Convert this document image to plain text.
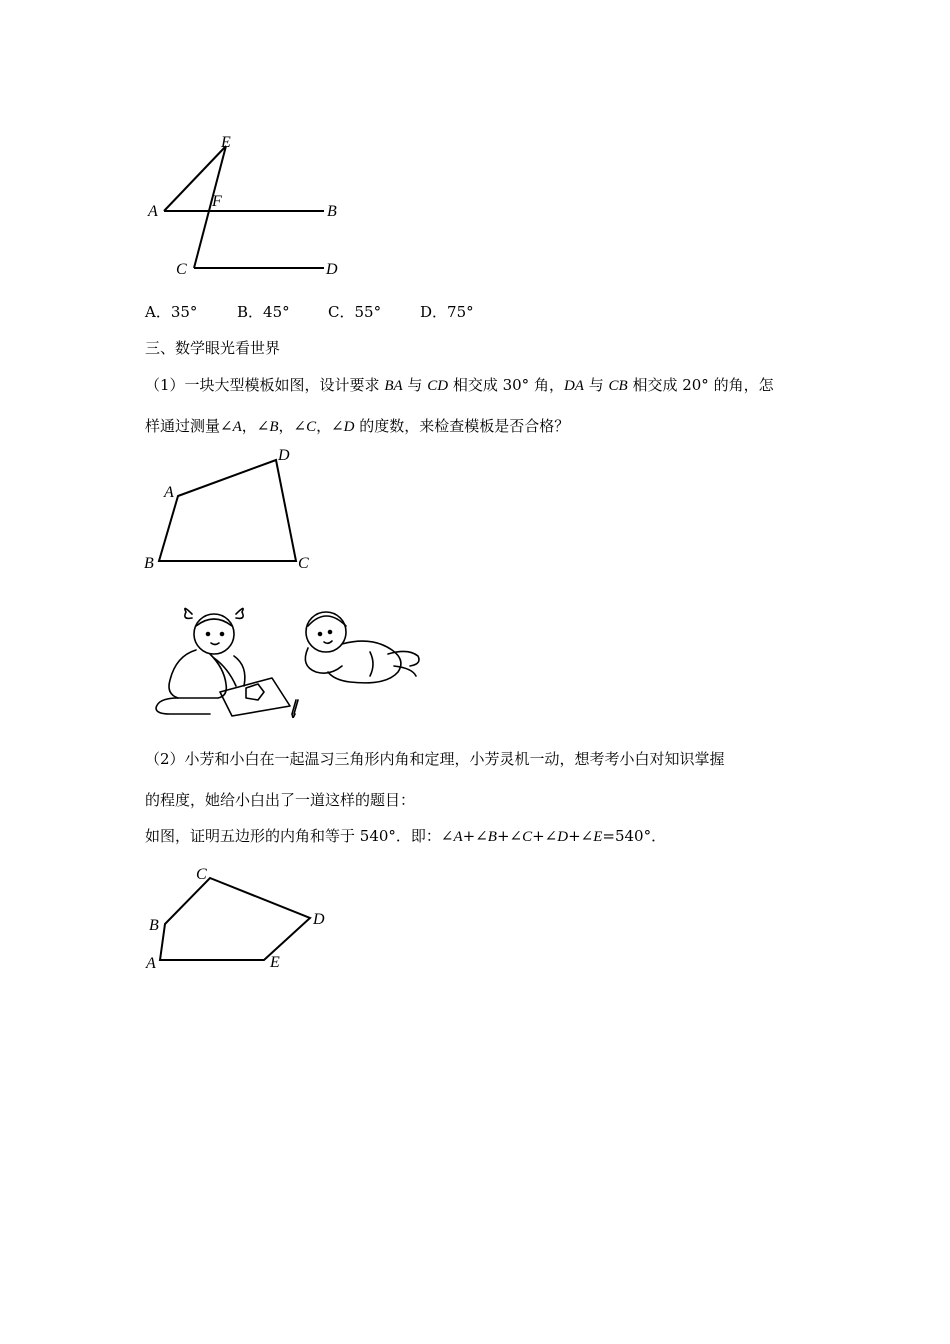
E
A
F
B
C	D
A．35°	B．45°	C．55°	D．75°
三、数学眼光看世界
（1）一块大型模板如图，设计要求 BA 与 CD 相交成 30° 角，DA 与 CB 相交成 20° 的角，怎
样通过测量∠A，∠B，∠C，∠D 的度数，来检查模板是否合格？
A
D
B	C
（2）小芳和小白在一起温习三角形内角和定理，小芳灵机一动，想考考小白对知识掌握
的程度，她给小白出了一道这样的题目：
如图，证明五边形的内角和等于 540°．即：∠A+∠B+∠C+∠D+∠E=540°．
C
B	D
A	E
